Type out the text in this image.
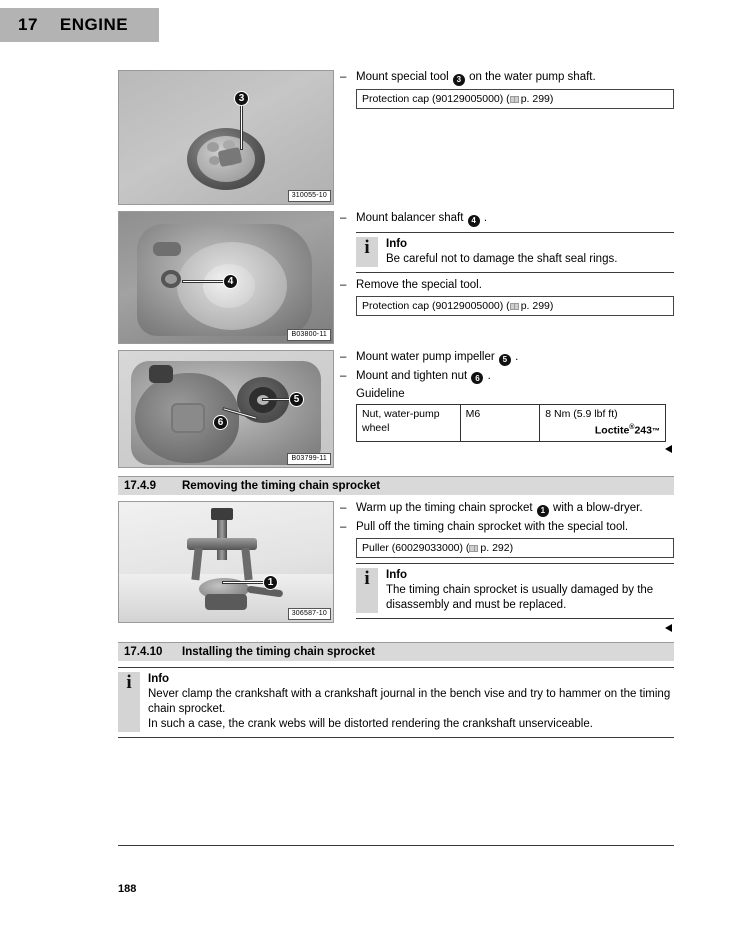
17 ENGINE
3
310055-10
– Mount special tool 3 on the water pump shaft.
Protection cap (90129005000) ( p. 299)
4
B03800-11
– Mount balancer shaft 4 .
i Info
Be careful not to damage the shaft seal rings.
– Remove the special tool.
Protection cap (90129005000) ( p. 299)
5
6
B03799-11
– Mount water pump impeller 5 .
– Mount and tighten nut 6 .
Guideline
Nut, water-pump wheel	M6	8 Nm (5.9 lbf ft)
Loctite®243™
17.4.9	Removing the timing chain sprocket
1
306587-10
– Warm up the timing chain sprocket 1 with a blow-dryer.
– Pull off the timing chain sprocket with the special tool.
Puller (60029033000) ( p. 292)
i Info
The timing chain sprocket is usually damaged by the disassembly and must be replaced.
17.4.10	Installing the timing chain sprocket
i Info
Never clamp the crankshaft with a crankshaft journal in the bench vise and try to hammer on the timing chain sprocket.
In such a case, the crank webs will be distorted rendering the crankshaft unserviceable.
188
